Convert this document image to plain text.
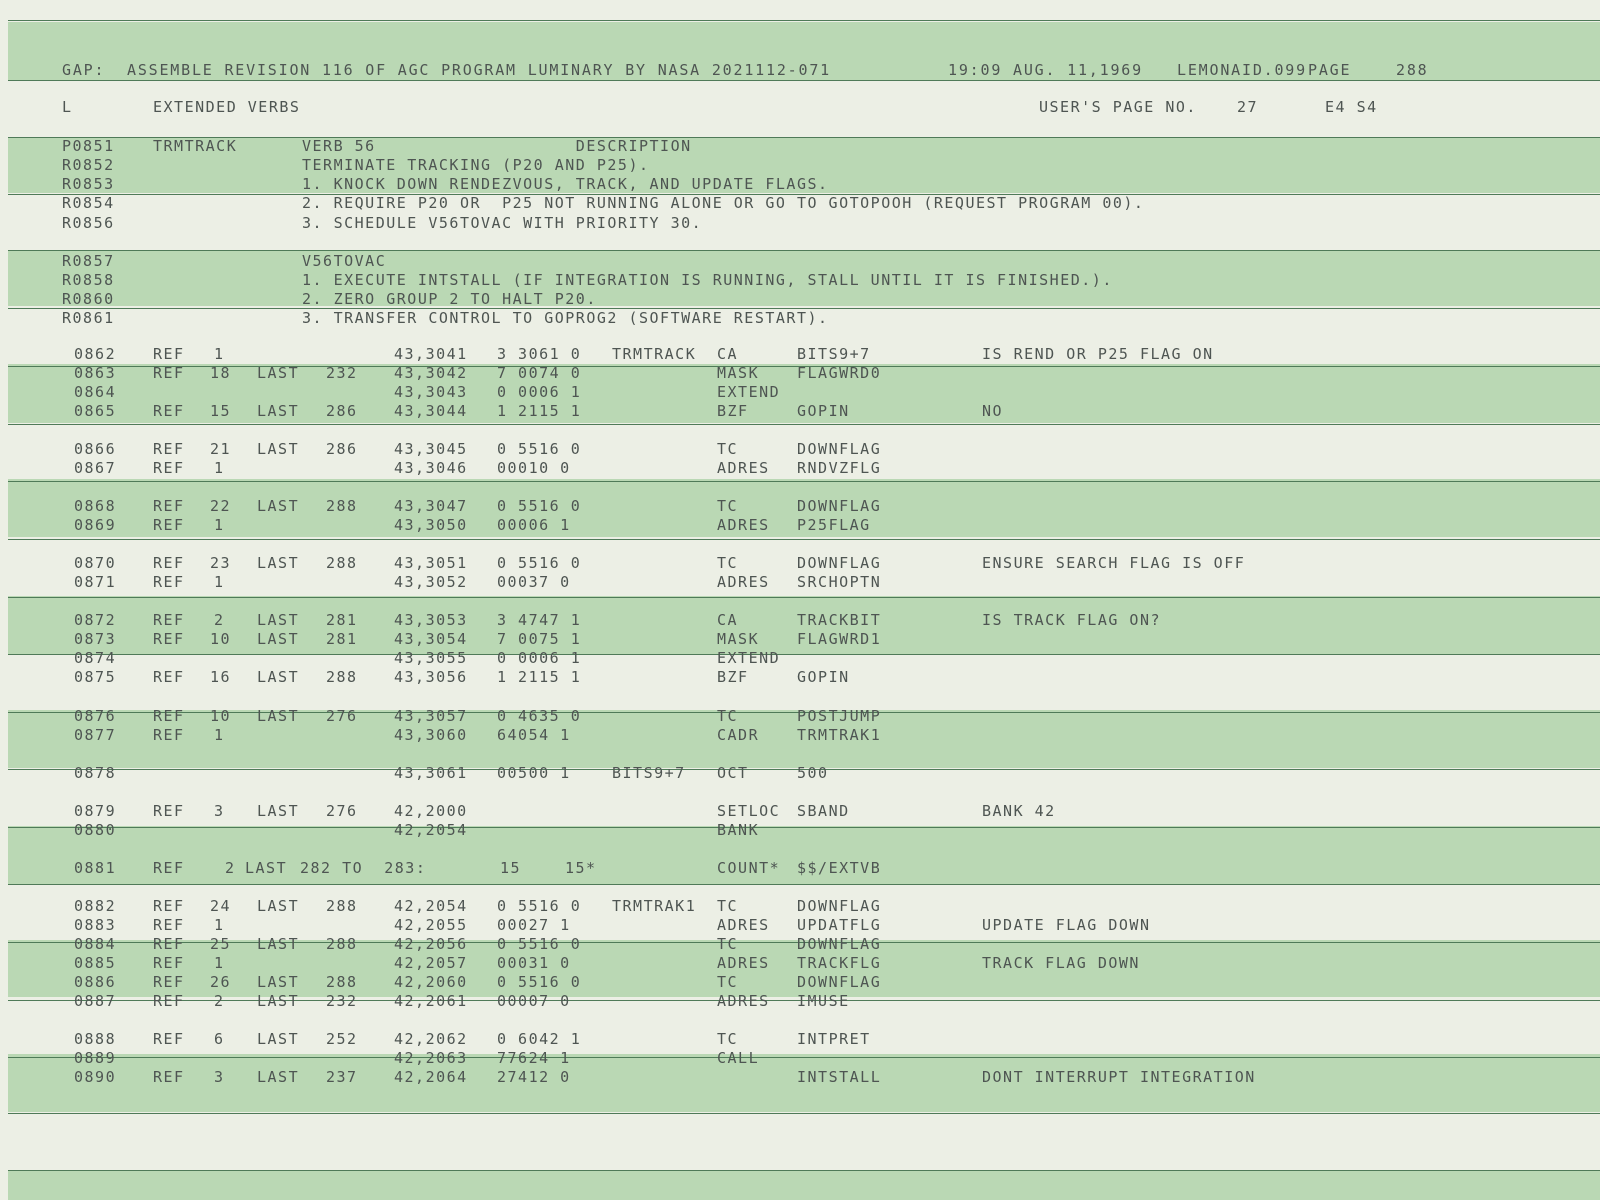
GAP:  ASSEMBLE REVISION 116 OF AGC PROGRAM LUMINARY BY NASA 2021112-071	19:09 AUG. 11,1969 LEMONAID.099 PAGE	288
L	EXTENDED VERBS	USER'S PAGE NO.	27	E4 S4
P0851	TRMTRACK	VERB 56                   DESCRIPTION
R0852	TERMINATE TRACKING (P20 AND P25).
R0853	1. KNOCK DOWN RENDEZVOUS, TRACK, AND UPDATE FLAGS.
R0854	2. REQUIRE P20 OR  P25 NOT RUNNING ALONE OR GO TO GOTOPOOH (REQUEST PROGRAM 00).
R0856	3. SCHEDULE V56TOVAC WITH PRIORITY 30.
R0857	V56TOVAC
R0858	1. EXECUTE INTSTALL (IF INTEGRATION IS RUNNING, STALL UNTIL IT IS FINISHED.).
R0860	2. ZERO GROUP 2 TO HALT P20.
R0861	3. TRANSFER CONTROL TO GOPROG2 (SOFTWARE RESTART).
0862 REF 1	43,3041 3 3061 0 TRMTRACK CA	BITS9+7	IS REND OR P25 FLAG ON
0863 REF 18 LAST 232 43,3042 7 0074 0	MASK	FLAGWRD0
0864	43,3043 0 0006 1	EXTEND
0865 REF 15 LAST 286 43,3044 1 2115 1	BZF	GOPIN	NO
0866 REF 21 LAST 286 43,3045 0 5516 0	TC	DOWNFLAG
0867 REF 1	43,3046 00010 0	ADRES RNDVZFLG
0868 REF 22 LAST 288 43,3047 0 5516 0	TC	DOWNFLAG
0869 REF 1	43,3050 00006 1	ADRES P25FLAG
0870 REF 23 LAST 288 43,3051 0 5516 0	TC	DOWNFLAG	ENSURE SEARCH FLAG IS OFF
0871 REF 1	43,3052 00037 0	ADRES SRCHOPTN
0872 REF 2 LAST 281 43,3053 3 4747 1	CA	TRACKBIT	IS TRACK FLAG ON?
0873 REF 10 LAST 281 43,3054 7 0075 1	MASK	FLAGWRD1
0874	43,3055 0 0006 1	EXTEND
0875 REF 16 LAST 288 43,3056 1 2115 1	BZF	GOPIN
0876 REF 10 LAST 276 43,3057 0 4635 0	TC	POSTJUMP
0877 REF 1	43,3060 64054 1	CADR	TRMTRAK1
0878	43,3061 00500 1	BITS9+7 OCT	500
0879 REF 3 LAST 276 42,2000	SETLOC SBAND	BANK 42
0880	42,2054	BANK
0881 REF	2 LAST 282 TO  283:	15	15*	COUNT* $$/EXTVB
0882 REF 24 LAST 288 42,2054 0 5516 0 TRMTRAK1 TC	DOWNFLAG
0883 REF 1	42,2055 00027 1	ADRES UPDATFLG	UPDATE FLAG DOWN
0884 REF 25 LAST 288 42,2056 0 5516 0	TC	DOWNFLAG
0885 REF 1	42,2057 00031 0	ADRES TRACKFLG	TRACK FLAG DOWN
0886 REF 26 LAST 288 42,2060 0 5516 0	TC	DOWNFLAG
0887 REF 2 LAST 232 42,2061 00007 0	ADRES IMUSE
0888 REF 6 LAST 252 42,2062 0 6042 1	TC	INTPRET
0889	42,2063 77624 1	CALL
0890 REF 3 LAST 237 42,2064 27412 0	INTSTALL	DONT INTERRUPT INTEGRATION
